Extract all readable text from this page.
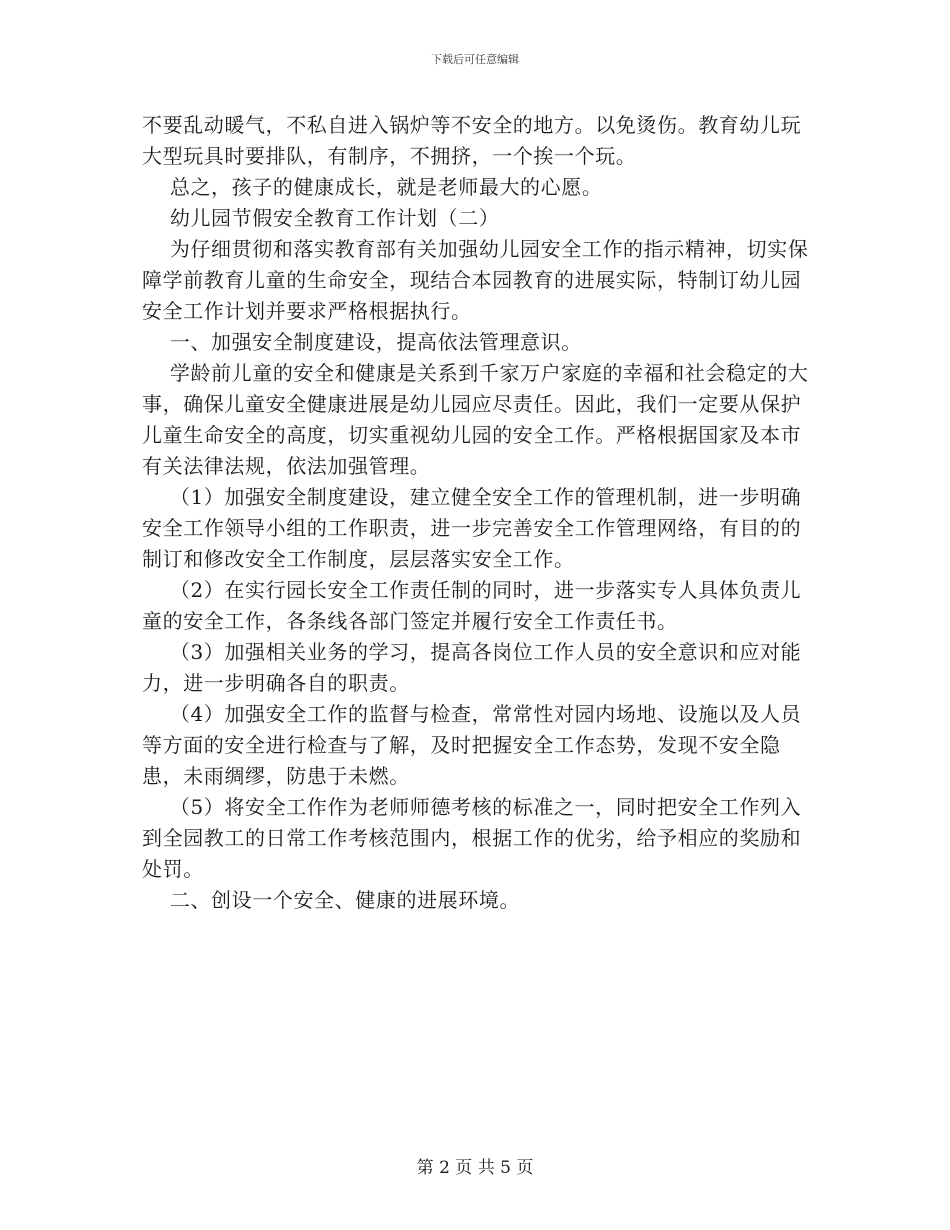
下载后可任意编辑

不要乱动暖气，不私自进入锅炉等不安全的地方。以免烫伤。教育幼儿玩大型玩具时要排队，有制序，不拥挤，一个挨一个玩。

总之，孩子的健康成长，就是老师最大的心愿。

幼儿园节假安全教育工作计划（二）

为仔细贯彻和落实教育部有关加强幼儿园安全工作的指示精神，切实保障学前教育儿童的生命安全，现结合本园教育的进展实际，特制订幼儿园安全工作计划并要求严格根据执行。

一、加强安全制度建设，提高依法管理意识。

学龄前儿童的安全和健康是关系到千家万户家庭的幸福和社会稳定的大事，确保儿童安全健康进展是幼儿园应尽责任。因此，我们一定要从保护儿童生命安全的高度，切实重视幼儿园的安全工作。严格根据国家及本市有关法律法规，依法加强管理。

（1）加强安全制度建设，建立健全安全工作的管理机制，进一步明确安全工作领导小组的工作职责，进一步完善安全工作管理网络，有目的的制订和修改安全工作制度，层层落实安全工作。

（2）在实行园长安全工作责任制的同时，进一步落实专人具体负责儿童的安全工作，各条线各部门签定并履行安全工作责任书。

（3）加强相关业务的学习，提高各岗位工作人员的安全意识和应对能力，进一步明确各自的职责。

（4）加强安全工作的监督与检查，常常性对园内场地、设施以及人员等方面的安全进行检查与了解，及时把握安全工作态势，发现不安全隐患，未雨绸缪，防患于未燃。

（5）将安全工作作为老师师德考核的标准之一，同时把安全工作列入到全园教工的日常工作考核范围内，根据工作的优劣，给予相应的奖励和处罚。

二、创设一个安全、健康的进展环境。

第 2 页 共 5 页
